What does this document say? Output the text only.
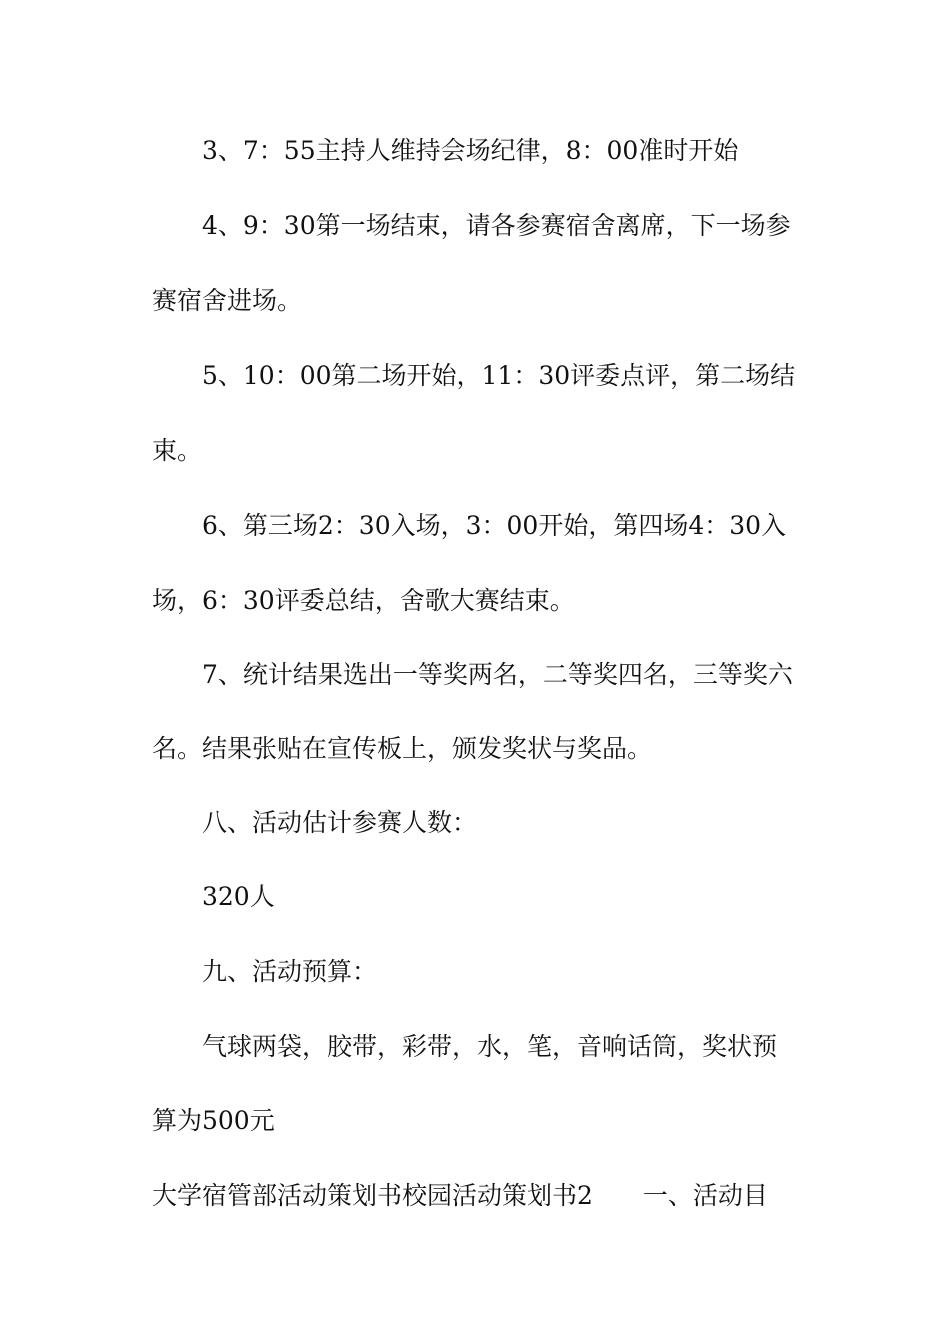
3、7：55主持人维持会场纪律，8：00准时开始
4、9：30第一场结束，请各参赛宿舍离席，下一场参
赛宿舍进场。
5、10：00第二场开始，11：30评委点评，第二场结
束。
6、第三场2：30入场，3：00开始，第四场4：30入
场，6：30评委总结，舍歌大赛结束。
7、统计结果选出一等奖两名，二等奖四名，三等奖六
名。结果张贴在宣传板上，颁发奖状与奖品。
八、活动估计参赛人数：
320人
九、活动预算：
气球两袋，胶带，彩带，水，笔，音响话筒，奖状预
算为500元
大学宿管部活动策划书校园活动策划书2　　一、活动目
